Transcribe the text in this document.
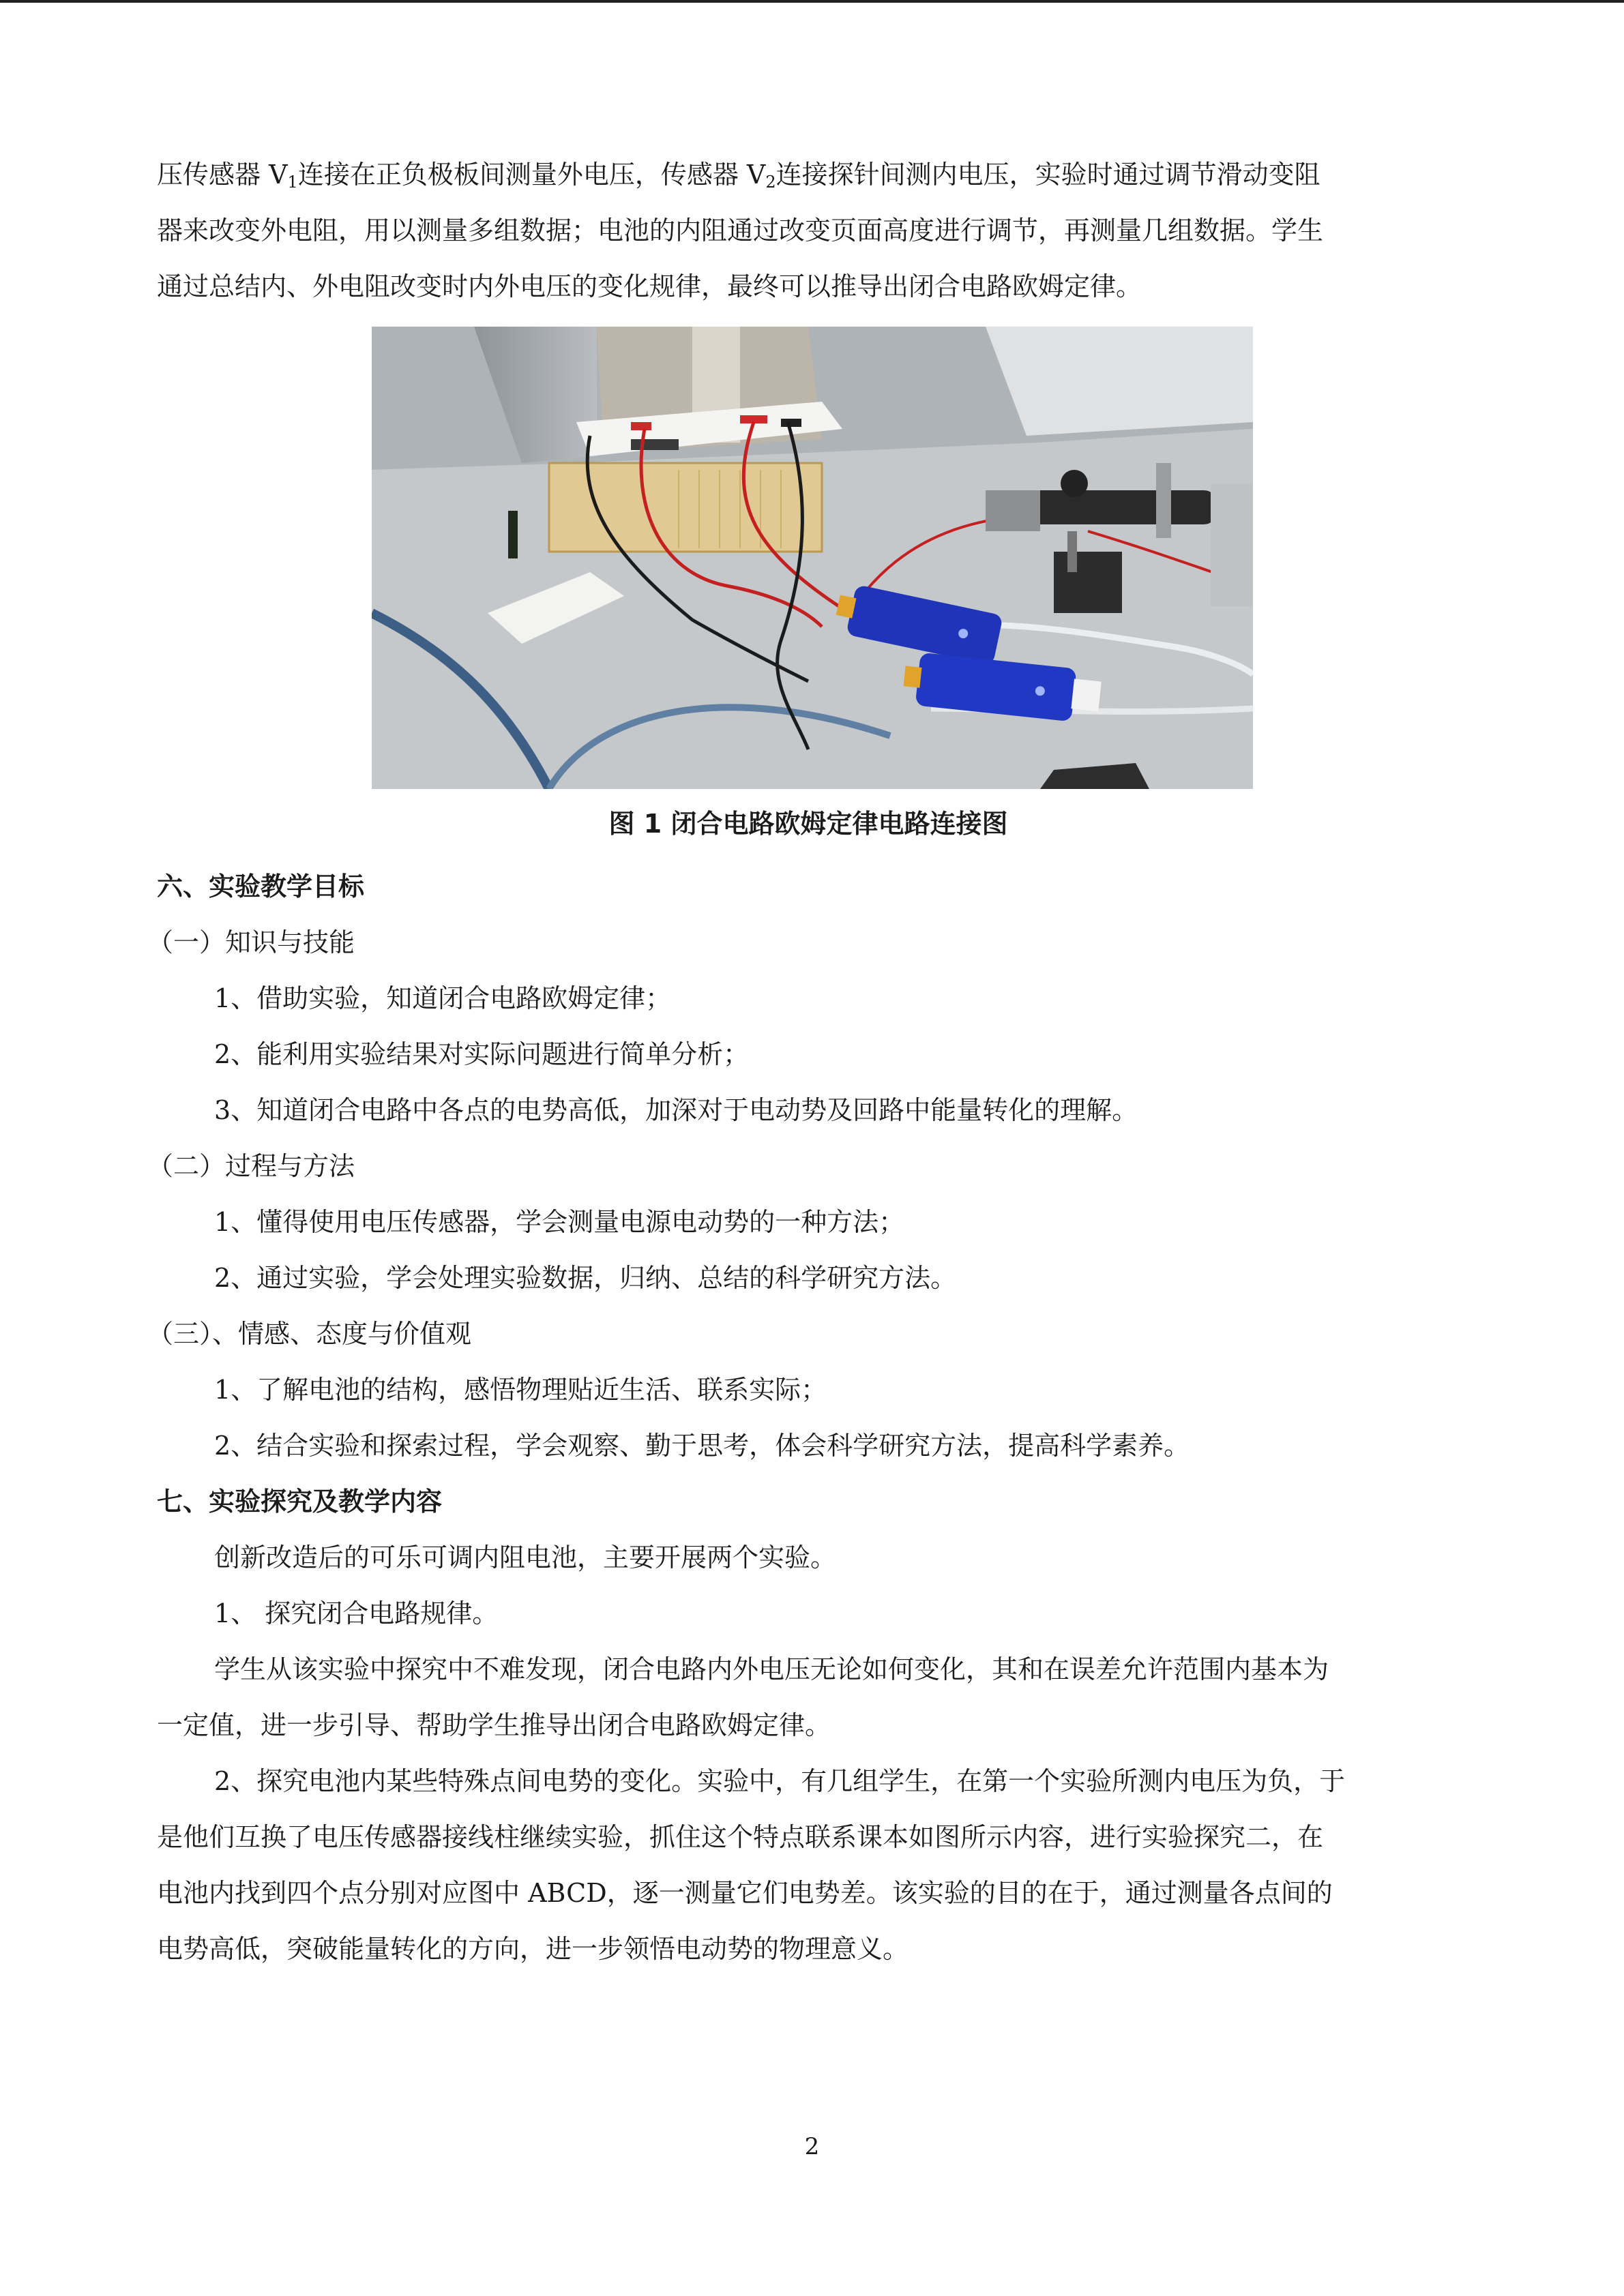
压传感器 $V_1$连接在正负极板间测量外电压，传感器 $V_2$连接探针间测内电压，实验时通过调节滑动变阻

器来改变外电阻，用以测量多组数据；电池的内阻通过改变页面高度进行调节，再测量几组数据。学生

通过总结内、外电阻改变时内外电压的变化规律，最终可以推导出闭合电路欧姆定律。

图 1 闭合电路欧姆定律电路连接图

六、实验教学目标

（一）知识与技能

1、借助实验，知道闭合电路欧姆定律；

2、能利用实验结果对实际问题进行简单分析；

3、知道闭合电路中各点的电势高低，加深对于电动势及回路中能量转化的理解。

（二）过程与方法

1、懂得使用电压传感器，学会测量电源电动势的一种方法；

2、通过实验，学会处理实验数据，归纳、总结的科学研究方法。

（三）、情感、态度与价值观

1、了解电池的结构，感悟物理贴近生活、联系实际；

2、结合实验和探索过程，学会观察、勤于思考，体会科学研究方法，提高科学素养。

七、实验探究及教学内容

创新改造后的可乐可调内阻电池，主要开展两个实验。

1、 探究闭合电路规律。

学生从该实验中探究中不难发现，闭合电路内外电压无论如何变化，其和在误差允许范围内基本为

一定值，进一步引导、帮助学生推导出闭合电路欧姆定律。

2、探究电池内某些特殊点间电势的变化。实验中，有几组学生，在第一个实验所测内电压为负，于

是他们互换了电压传感器接线柱继续实验，抓住这个特点联系课本如图所示内容，进行实验探究二，在

电池内找到四个点分别对应图中 ABCD，逐一测量它们电势差。该实验的目的在于，通过测量各点间的

电势高低，突破能量转化的方向，进一步领悟电动势的物理意义。

2
